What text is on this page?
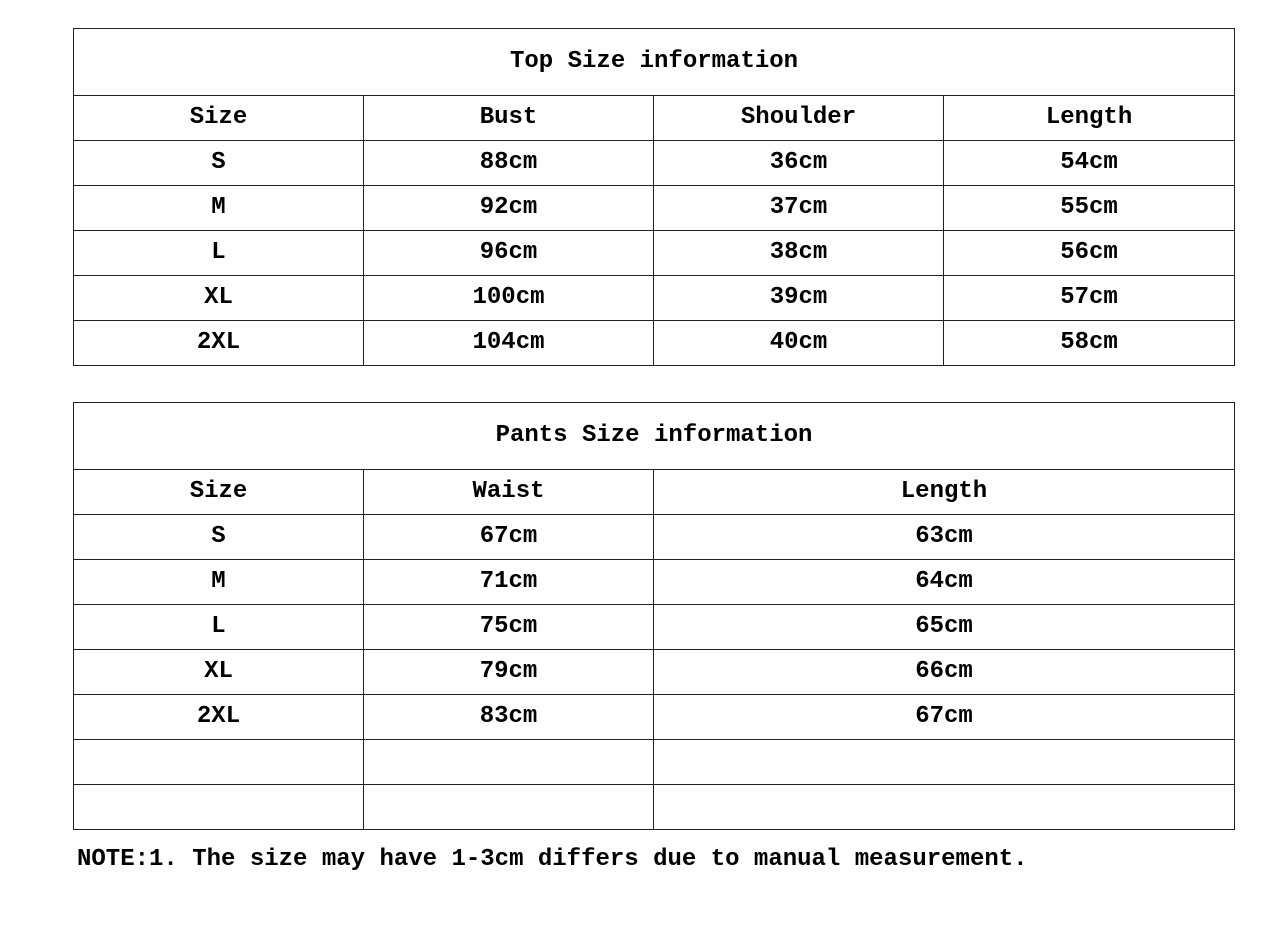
Top Size information			
Size	Bust	Shoulder	Length
S	88cm	36cm	54cm
M	92cm	37cm	55cm
L	96cm	38cm	56cm
XL	100cm	39cm	57cm
2XL	104cm	40cm	58cm
Pants Size information		
Size	Waist	Length
S	67cm	63cm
M	71cm	64cm
L	75cm	65cm
XL	79cm	66cm
2XL	83cm	67cm

NOTE:1. The size may have 1-3cm differs due to manual measurement.
